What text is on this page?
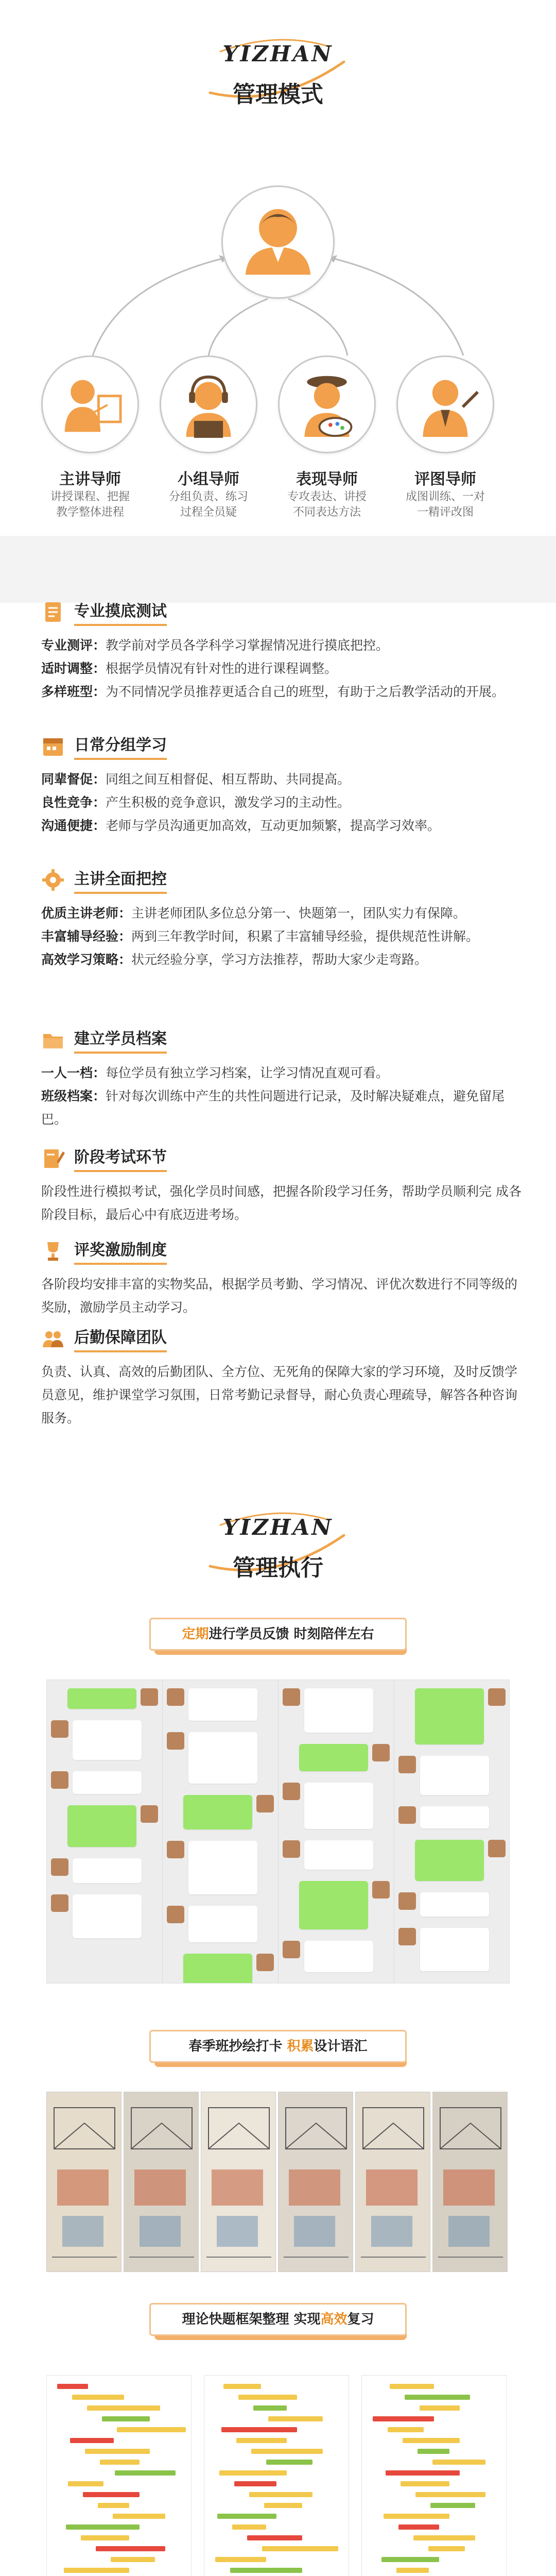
YIZHAN
管理模式
主讲导师
讲授课程、把握
教学整体进程
小组导师
分组负责、练习
过程全员疑
表现导师
专攻表达、讲授
不同表达方法
评图导师
成图训练、一对
一精评改图
专业摸底测试
专业测评：教学前对学员各学科学习掌握情况进行摸底把控。
适时调整：根据学员情况有针对性的进行课程调整。
多样班型：为不同情况学员推荐更适合自己的班型，有助于之后教学活动的开展。
日常分组学习
同辈督促：同组之间互相督促、相互帮助、共同提高。
良性竞争：产生积极的竞争意识，激发学习的主动性。
沟通便捷：老师与学员沟通更加高效，互动更加频繁，提高学习效率。
主讲全面把控
优质主讲老师：主讲老师团队多位总分第一、快题第一，团队实力有保障。
丰富辅导经验：两到三年教学时间，积累了丰富辅导经验，提供规范性讲解。
高效学习策略：状元经验分享，学习方法推荐，帮助大家少走弯路。
建立学员档案
一人一档：每位学员有独立学习档案，让学习情况直观可看。
班级档案：针对每次训练中产生的共性问题进行记录，及时解决疑难点，避免留尾巴。
阶段考试环节
阶段性进行模拟考试，强化学员时间感，把握各阶段学习任务，帮助学员顺利完 成各阶段目标，最后心中有底迈进考场。
评奖激励制度
各阶段均安排丰富的实物奖品，根据学员考勤、学习情况、评优次数进行不同等级的奖励，激励学员主动学习。
后勤保障团队
负责、认真、高效的后勤团队、全方位、无死角的保障大家的学习环境，及时反馈学员意见，维护课堂学习氛围，日常考勤记录督导，耐心负责心理疏导，解答各种咨询服务。
YIZHAN
管理执行
定期进行学员反馈 时刻陪伴左右
春季班抄绘打卡 积累设计语汇
理论快题框架整理 实现高效复习
